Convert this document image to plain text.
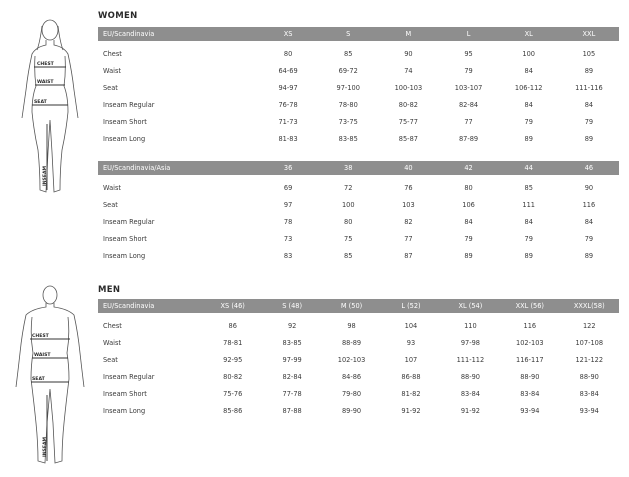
WOMEN
CHEST
WAIST
SEAT
INSEAM
EU/Scandinavia	XS	S	M	L	XL	XXL

Chest	80	85	90	95	100	105
Waist	64-69	69-72	74	79	84	89
Seat	94-97	97-100	100-103	103-107	106-112	111-116
Inseam Regular	76-78	78-80	80-82	82-84	84	84
Inseam Short	71-73	73-75	75-77	77	79	79
Inseam Long	81-83	83-85	85-87	87-89	89	89
EU/Scandinavia/Asia	36	38	40	42	44	46

Waist	69	72	76	80	85	90
Seat	97	100	103	106	111	116
Inseam Regular	78	80	82	84	84	84
Inseam Short	73	75	77	79	79	79
Inseam Long	83	85	87	89	89	89
MEN
CHEST
WAIST
SEAT
INSEAM
EU/Scandinavia	XS (46)	S (48)	M (50)	L (52)	XL (54)	XXL (56)	XXXL(58)

Chest	86	92	98	104	110	116	122
Waist	78-81	83-85	88-89	93	97-98	102-103	107-108
Seat	92-95	97-99	102-103	107	111-112	116-117	121-122
Inseam Regular	80-82	82-84	84-86	86-88	88-90	88-90	88-90
Inseam Short	75-76	77-78	79-80	81-82	83-84	83-84	83-84
Inseam Long	85-86	87-88	89-90	91-92	91-92	93-94	93-94
